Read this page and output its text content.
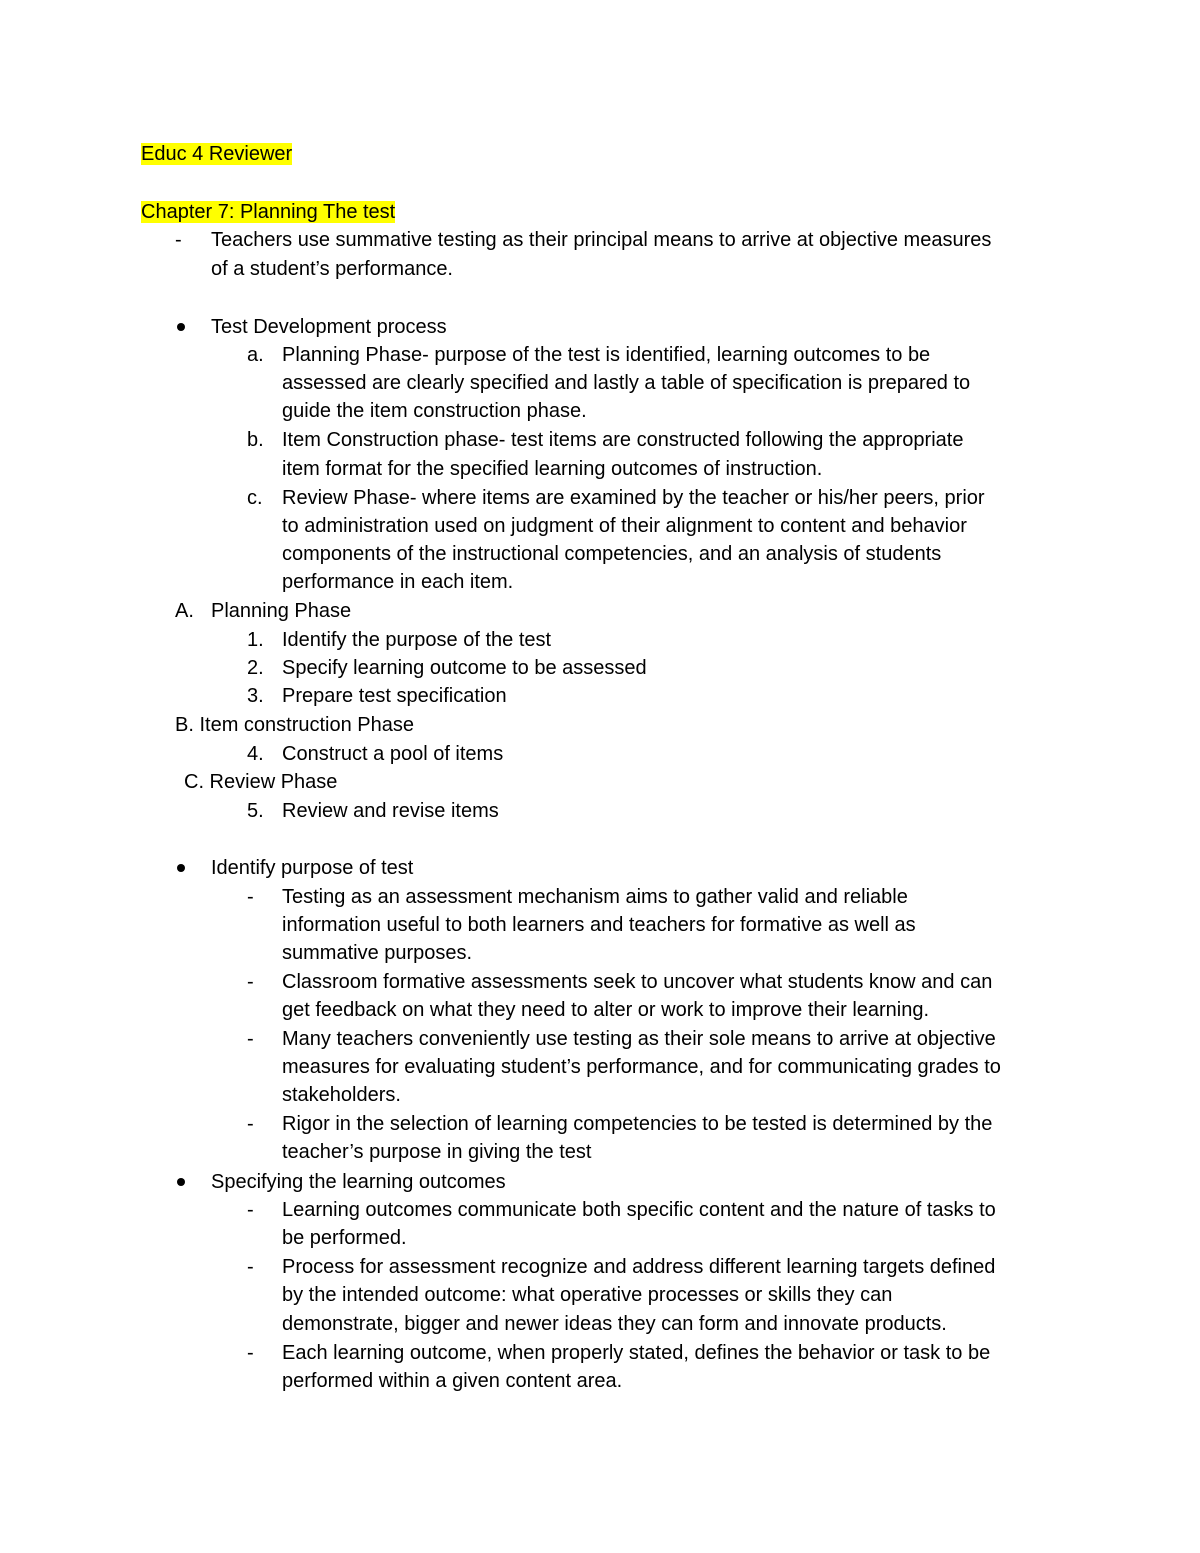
Educ 4 Reviewer
Chapter 7: Planning The test
- Teachers use summative testing as their principal means to arrive at objective measures
of a student’s performance.
Test Development process
a. Planning Phase- purpose of the test is identified, learning outcomes to be
assessed are clearly specified and lastly a table of specification is prepared to
guide the item construction phase.
b. Item Construction phase- test items are constructed following the appropriate
item format for the specified learning outcomes of instruction.
c. Review Phase- where items are examined by the teacher or his/her peers, prior
to administration used on judgment of their alignment to content and behavior
components of the instructional competencies, and an analysis of students
performance in each item.
A. Planning Phase
1. Identify the purpose of the test
2. Specify learning outcome to be assessed
3. Prepare test specification
B. Item construction Phase
4. Construct a pool of items
C. Review Phase
5. Review and revise items
Identify purpose of test
- Testing as an assessment mechanism aims to gather valid and reliable
information useful to both learners and teachers for formative as well as
summative purposes.
- Classroom formative assessments seek to uncover what students know and can
get feedback on what they need to alter or work to improve their learning.
- Many teachers conveniently use testing as their sole means to arrive at objective
measures for evaluating student’s performance, and for communicating grades to
stakeholders.
- Rigor in the selection of learning competencies to be tested is determined by the
teacher’s purpose in giving the test
Specifying the learning outcomes
- Learning outcomes communicate both specific content and the nature of tasks to
be performed.
- Process for assessment recognize and address different learning targets defined
by the intended outcome: what operative processes or skills they can
demonstrate, bigger and newer ideas they can form and innovate products.
- Each learning outcome, when properly stated, defines the behavior or task to be
performed within a given content area.
